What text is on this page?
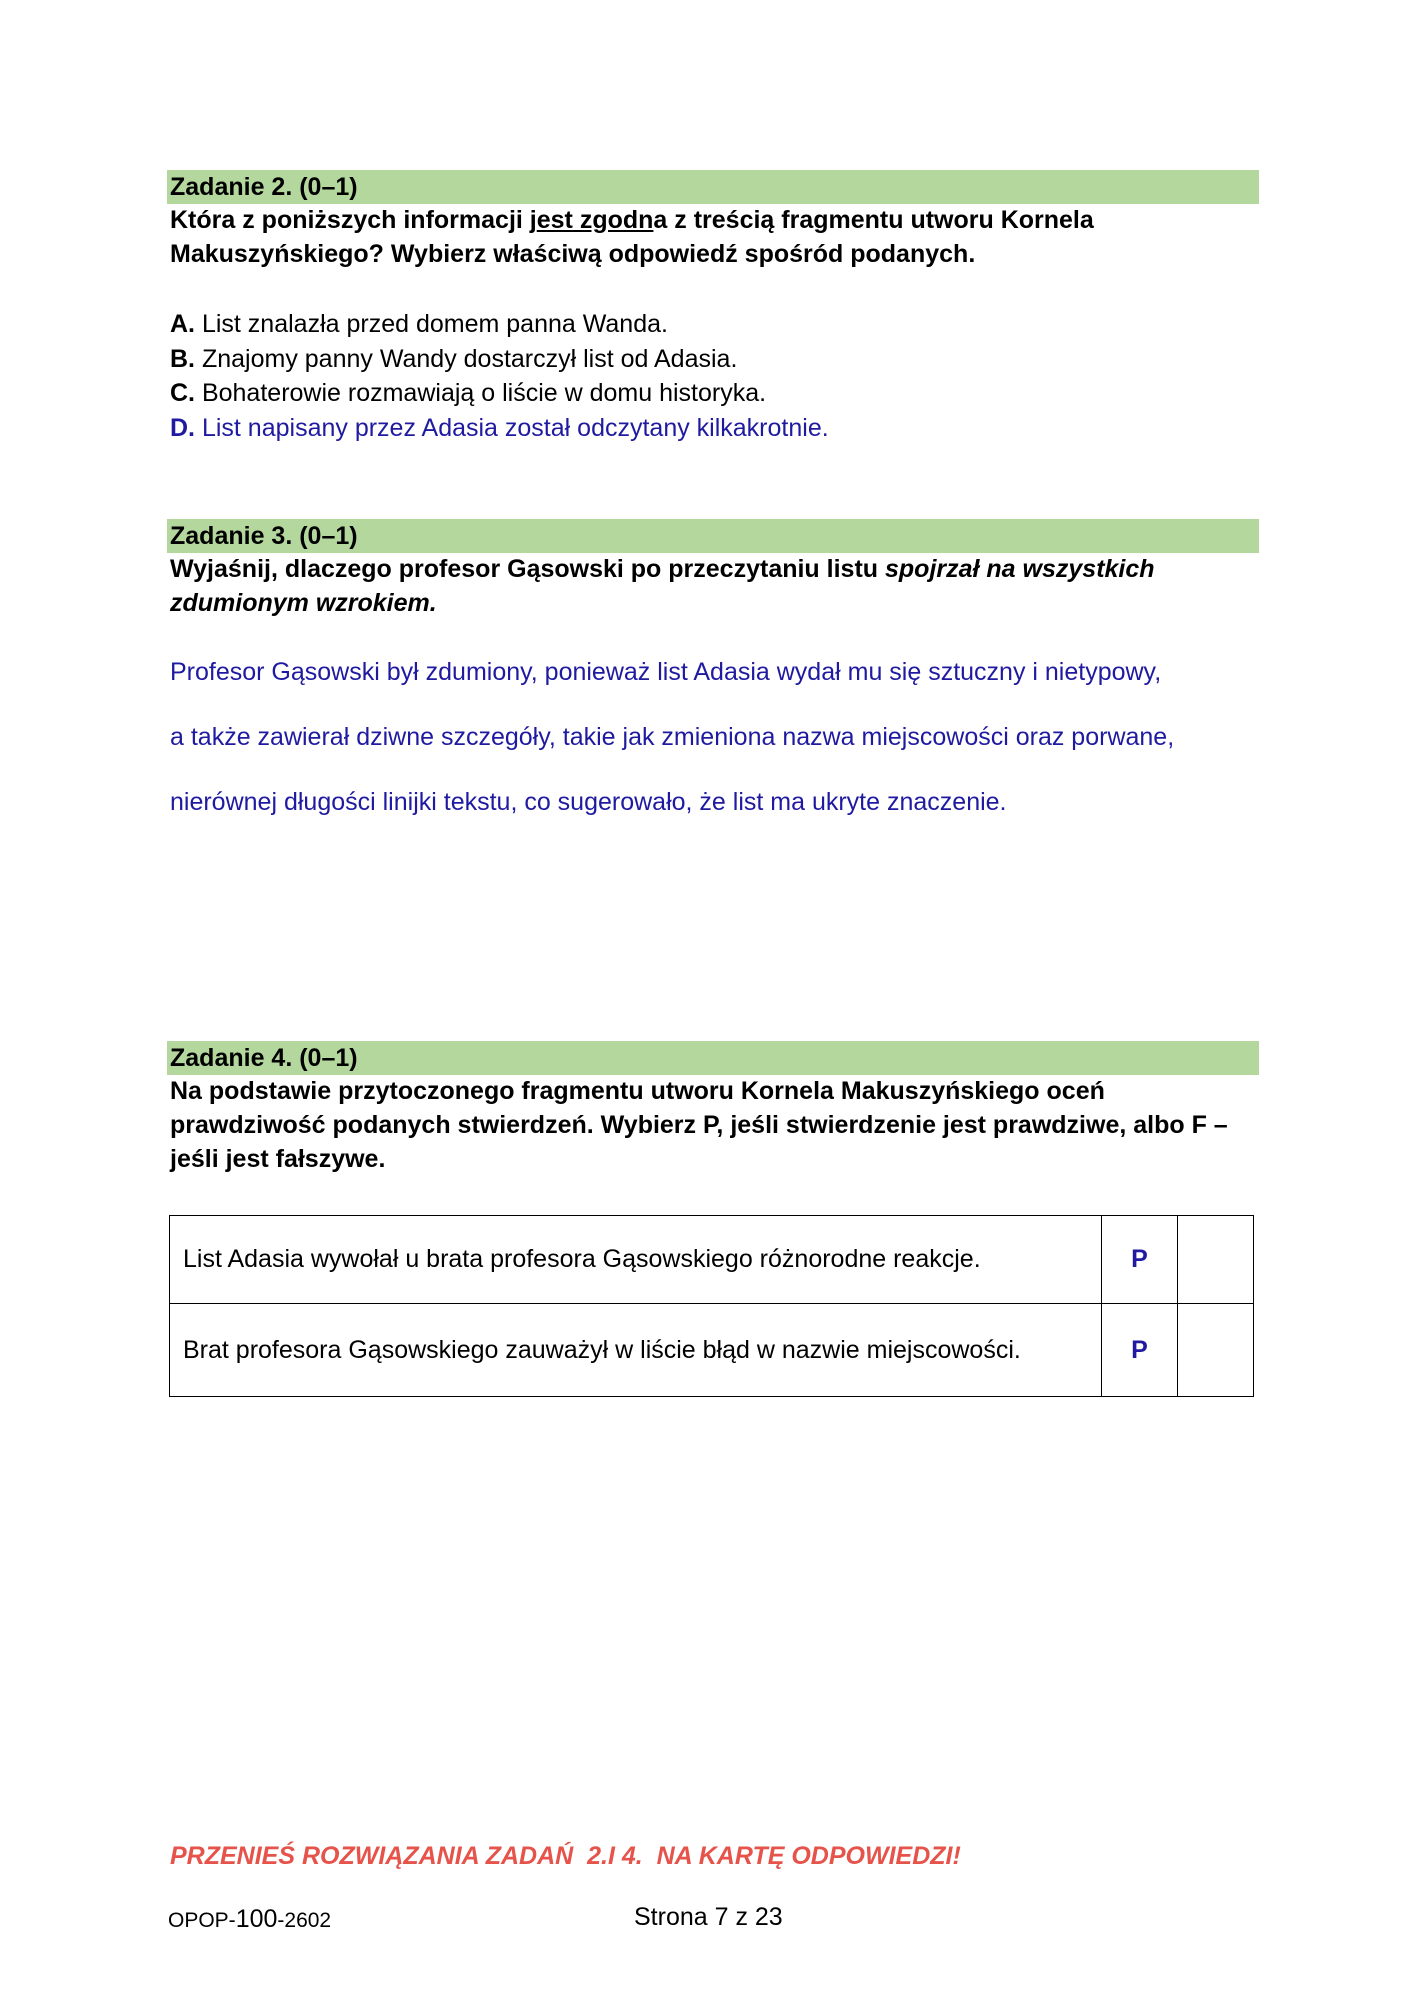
Zadanie 2. (0–1)
Która z poniższych informacji jest zgodna z treścią fragmentu utworu Kornela Makuszyńskiego? Wybierz właściwą odpowiedź spośród podanych.
A. List znalazła przed domem panna Wanda.
B. Znajomy panny Wandy dostarczył list od Adasia.
C. Bohaterowie rozmawiają o liście w domu historyka.
D. List napisany przez Adasia został odczytany kilkakrotnie.
Zadanie 3. (0–1)
Wyjaśnij, dlaczego profesor Gąsowski po przeczytaniu listu spojrzał na wszystkich zdumionym wzrokiem.
Profesor Gąsowski był zdumiony, ponieważ list Adasia wydał mu się sztuczny i nietypowy,
a także zawierał dziwne szczegóły, takie jak zmieniona nazwa miejscowości oraz porwane,
nierównej długości linijki tekstu, co sugerowało, że list ma ukryte znaczenie.
Zadanie 4. (0–1)
Na podstawie przytoczonego fragmentu utworu Kornela Makuszyńskiego oceń prawdziwość podanych stwierdzeń. Wybierz P, jeśli stwierdzenie jest prawdziwe, albo F – jeśli jest fałszywe.
List Adasia wywołał u brata profesora Gąsowskiego różnorodne reakcje.	P	
Brat profesora Gąsowskiego zauważył w liście błąd w nazwie miejscowości.	P	
PRZENIEŚ ROZWIĄZANIA ZADAŃ 2.I 4.  NA KARTĘ ODPOWIEDZI!
OPOP-100-2602	Strona 7 z 23
